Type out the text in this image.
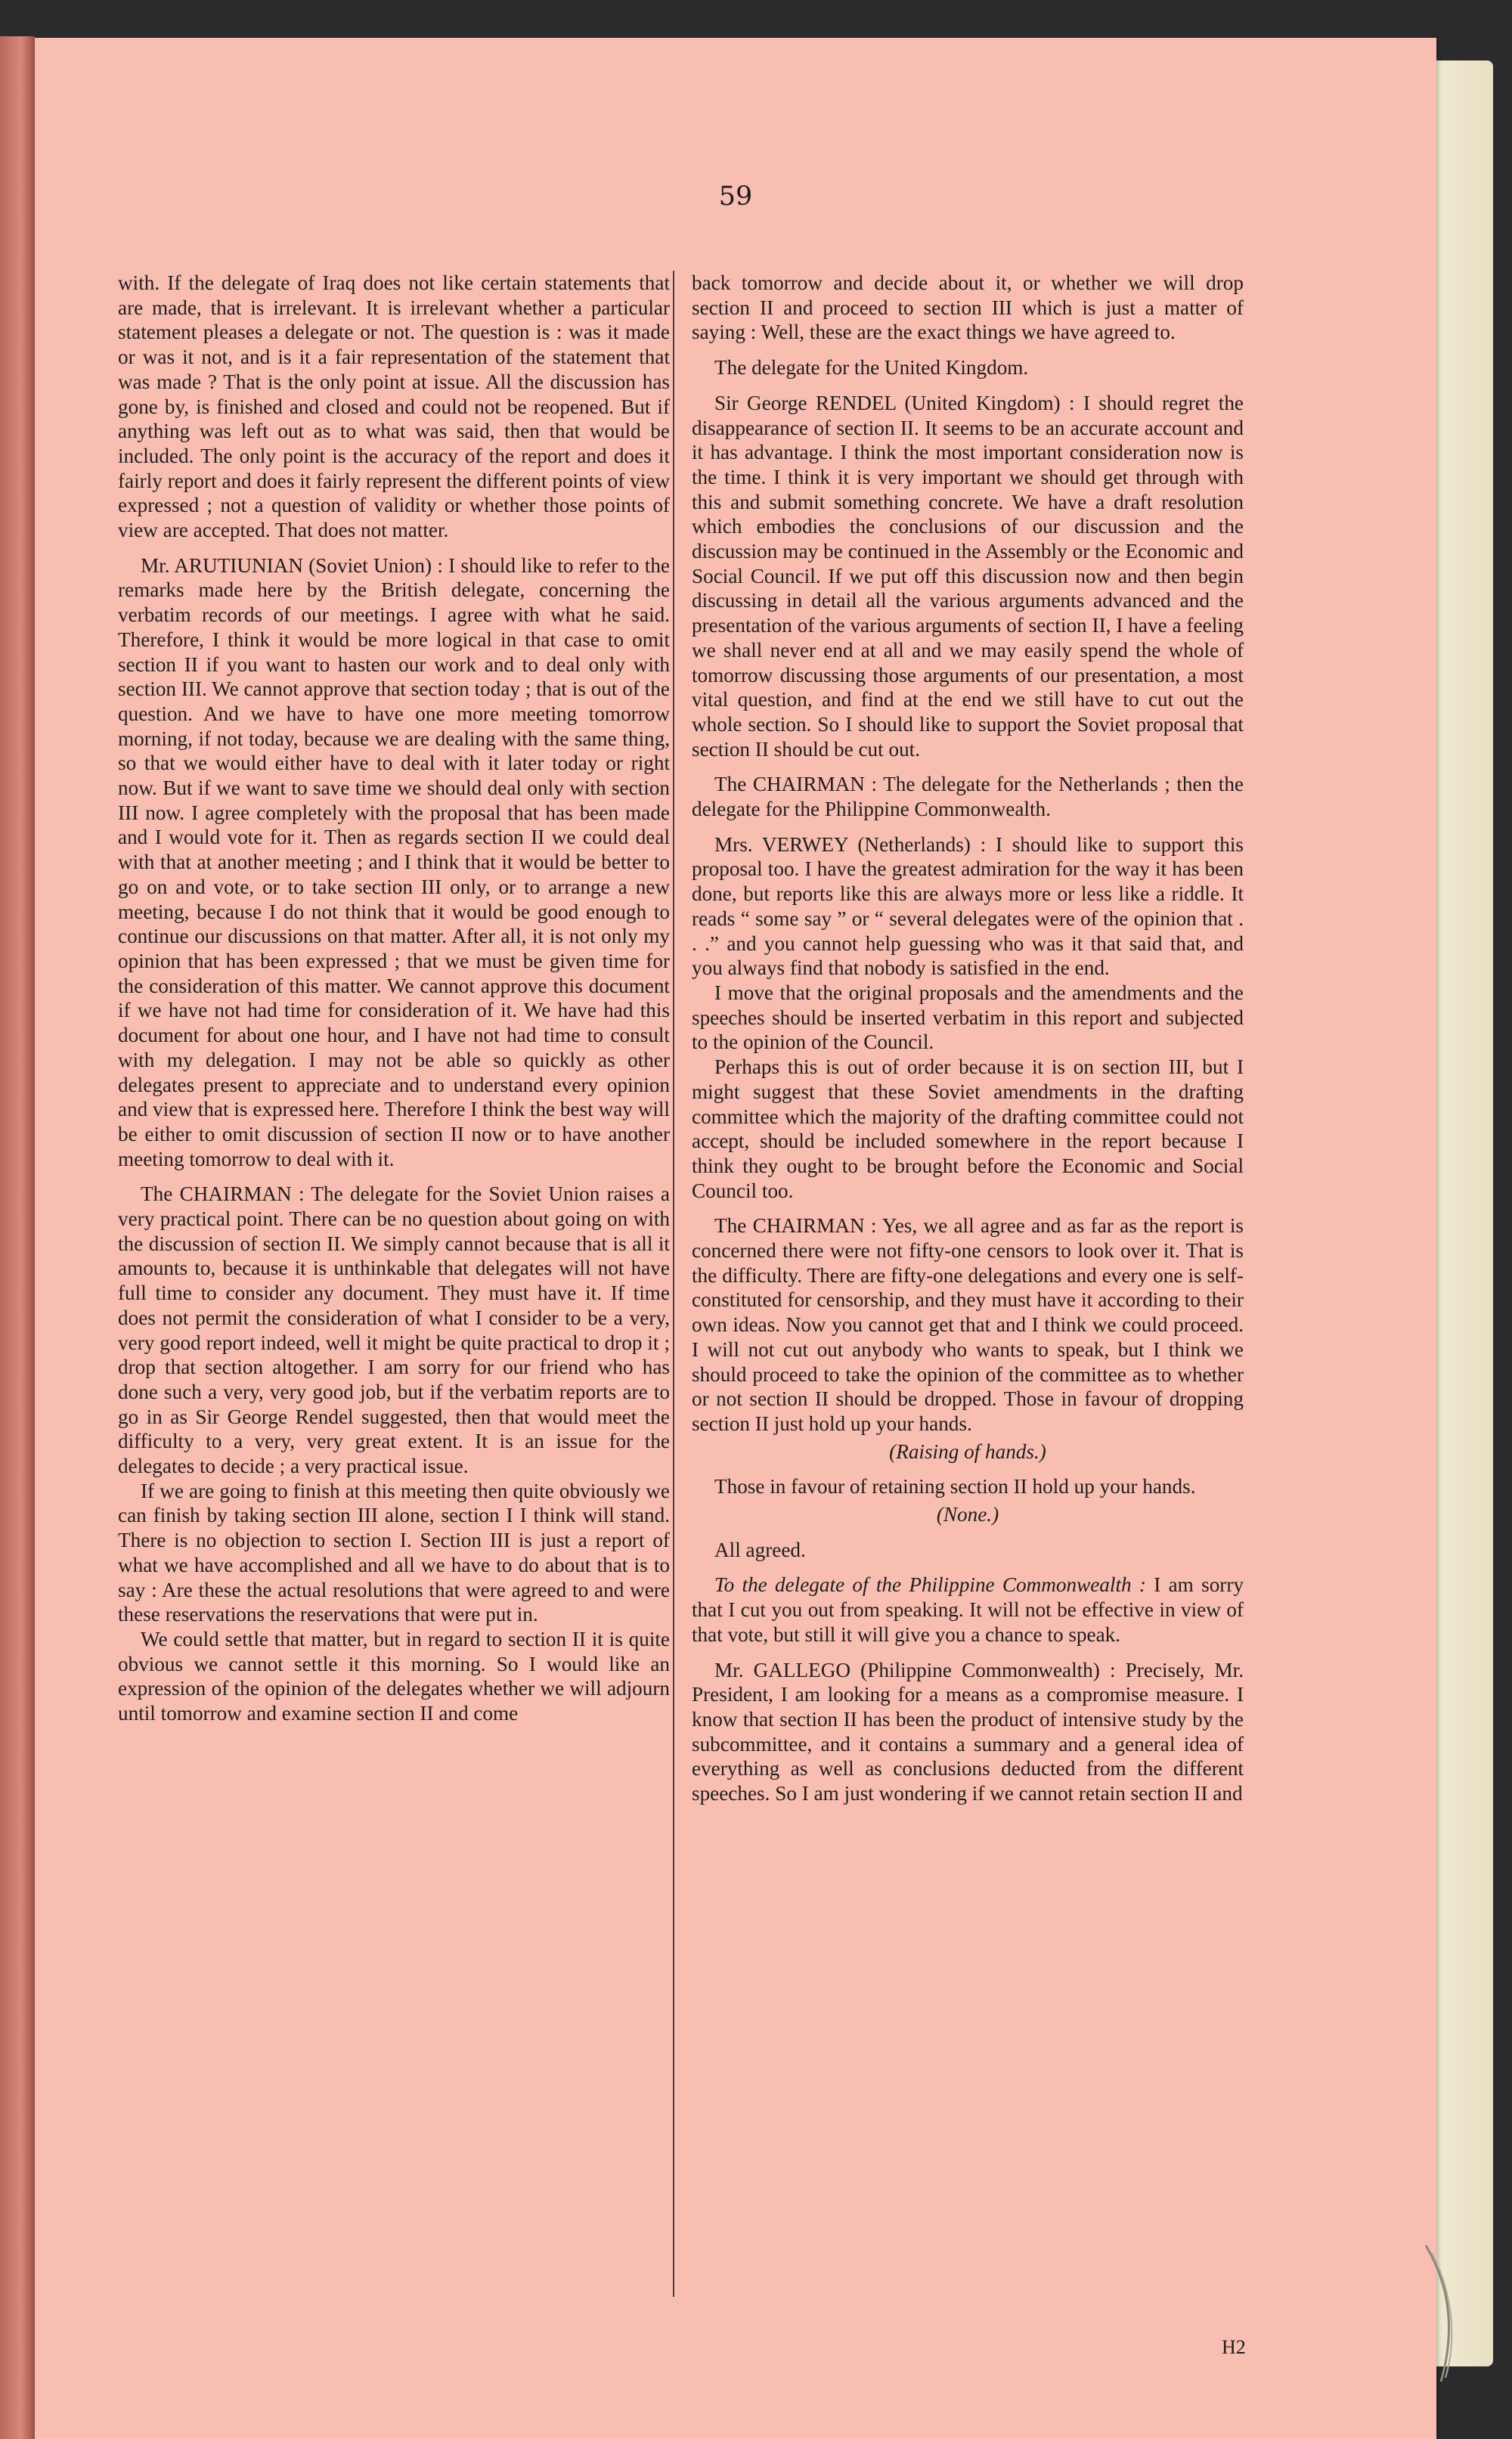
59

with. If the delegate of Iraq does not like certain statements that are made, that is irrelevant. It is irrelevant whether a particular statement pleases a delegate or not. The question is : was it made or was it not, and is it a fair representation of the statement that was made ? That is the only point at issue. All the discussion has gone by, is finished and closed and could not be reopened. But if anything was left out as to what was said, then that would be included. The only point is the accuracy of the report and does it fairly report and does it fairly represent the different points of view expressed ; not a question of validity or whether those points of view are accepted. That does not matter.

Mr. ARUTIUNIAN (Soviet Union) : I should like to refer to the remarks made here by the British delegate, concerning the verbatim records of our meetings. I agree with what he said. Therefore, I think it would be more logical in that case to omit section II if you want to hasten our work and to deal only with section III. We cannot approve that section today ; that is out of the question. And we have to have one more meeting tomorrow morning, if not today, because we are dealing with the same thing, so that we would either have to deal with it later today or right now. But if we want to save time we should deal only with section III now. I agree completely with the proposal that has been made and I would vote for it. Then as regards section II we could deal with that at another meeting ; and I think that it would be better to go on and vote, or to take section III only, or to arrange a new meeting, because I do not think that it would be good enough to continue our discussions on that matter. After all, it is not only my opinion that has been expressed ; that we must be given time for the consideration of this matter. We cannot approve this document if we have not had time for consideration of it. We have had this document for about one hour, and I have not had time to consult with my delegation. I may not be able so quickly as other delegates present to appreciate and to understand every opinion and view that is expressed here. Therefore I think the best way will be either to omit discussion of section II now or to have another meeting tomorrow to deal with it.

The CHAIRMAN : The delegate for the Soviet Union raises a very practical point. There can be no question about going on with the discussion of section II. We simply cannot because that is all it amounts to, because it is unthinkable that delegates will not have full time to consider any document. They must have it. If time does not permit the consideration of what I consider to be a very, very good report indeed, well it might be quite practical to drop it ; drop that section altogether. I am sorry for our friend who has done such a very, very good job, but if the verbatim reports are to go in as Sir George Rendel suggested, then that would meet the difficulty to a very, very great extent. It is an issue for the delegates to decide ; a very practical issue.

If we are going to finish at this meeting then quite obviously we can finish by taking section III alone, section I I think will stand. There is no objection to section I. Section III is just a report of what we have accomplished and all we have to do about that is to say : Are these the actual resolutions that were agreed to and were these reservations the reservations that were put in.

We could settle that matter, but in regard to section II it is quite obvious we cannot settle it this morning. So I would like an expression of the opinion of the delegates whether we will adjourn until tomorrow and examine section II and come

back tomorrow and decide about it, or whether we will drop section II and proceed to section III which is just a matter of saying : Well, these are the exact things we have agreed to.

The delegate for the United Kingdom.

Sir George RENDEL (United Kingdom) : I should regret the disappearance of section II. It seems to be an accurate account and it has advantage. I think the most important consideration now is the time. I think it is very important we should get through with this and submit something concrete. We have a draft resolution which embodies the conclusions of our discussion and the discussion may be continued in the Assembly or the Economic and Social Council. If we put off this discussion now and then begin discussing in detail all the various arguments advanced and the presentation of the various arguments of section II, I have a feeling we shall never end at all and we may easily spend the whole of tomorrow discussing those arguments of our presentation, a most vital question, and find at the end we still have to cut out the whole section. So I should like to support the Soviet proposal that section II should be cut out.

The CHAIRMAN : The delegate for the Netherlands ; then the delegate for the Philippine Commonwealth.

Mrs. VERWEY (Netherlands) : I should like to support this proposal too. I have the greatest admiration for the way it has been done, but reports like this are always more or less like a riddle. It reads “ some say ” or “ several delegates were of the opinion that . . .” and you cannot help guessing who was it that said that, and you always find that nobody is satisfied in the end.

I move that the original proposals and the amendments and the speeches should be inserted verbatim in this report and subjected to the opinion of the Council.

Perhaps this is out of order because it is on section III, but I might suggest that these Soviet amendments in the drafting committee which the majority of the drafting committee could not accept, should be included somewhere in the report because I think they ought to be brought before the Economic and Social Council too.

The CHAIRMAN : Yes, we all agree and as far as the report is concerned there were not fifty-one censors to look over it. That is the difficulty. There are fifty-one delegations and every one is self-constituted for censorship, and they must have it according to their own ideas. Now you cannot get that and I think we could proceed. I will not cut out anybody who wants to speak, but I think we should proceed to take the opinion of the committee as to whether or not section II should be dropped. Those in favour of dropping section II just hold up your hands.

(Raising of hands.)

Those in favour of retaining section II hold up your hands.

(None.)

All agreed.

To the delegate of the Philippine Commonwealth : I am sorry that I cut you out from speaking. It will not be effective in view of that vote, but still it will give you a chance to speak.

Mr. GALLEGO (Philippine Commonwealth) : Precisely, Mr. President, I am looking for a means as a compromise measure. I know that section II has been the product of intensive study by the subcommittee, and it contains a summary and a general idea of everything as well as conclusions deducted from the different speeches. So I am just wondering if we cannot retain section II and

H2
